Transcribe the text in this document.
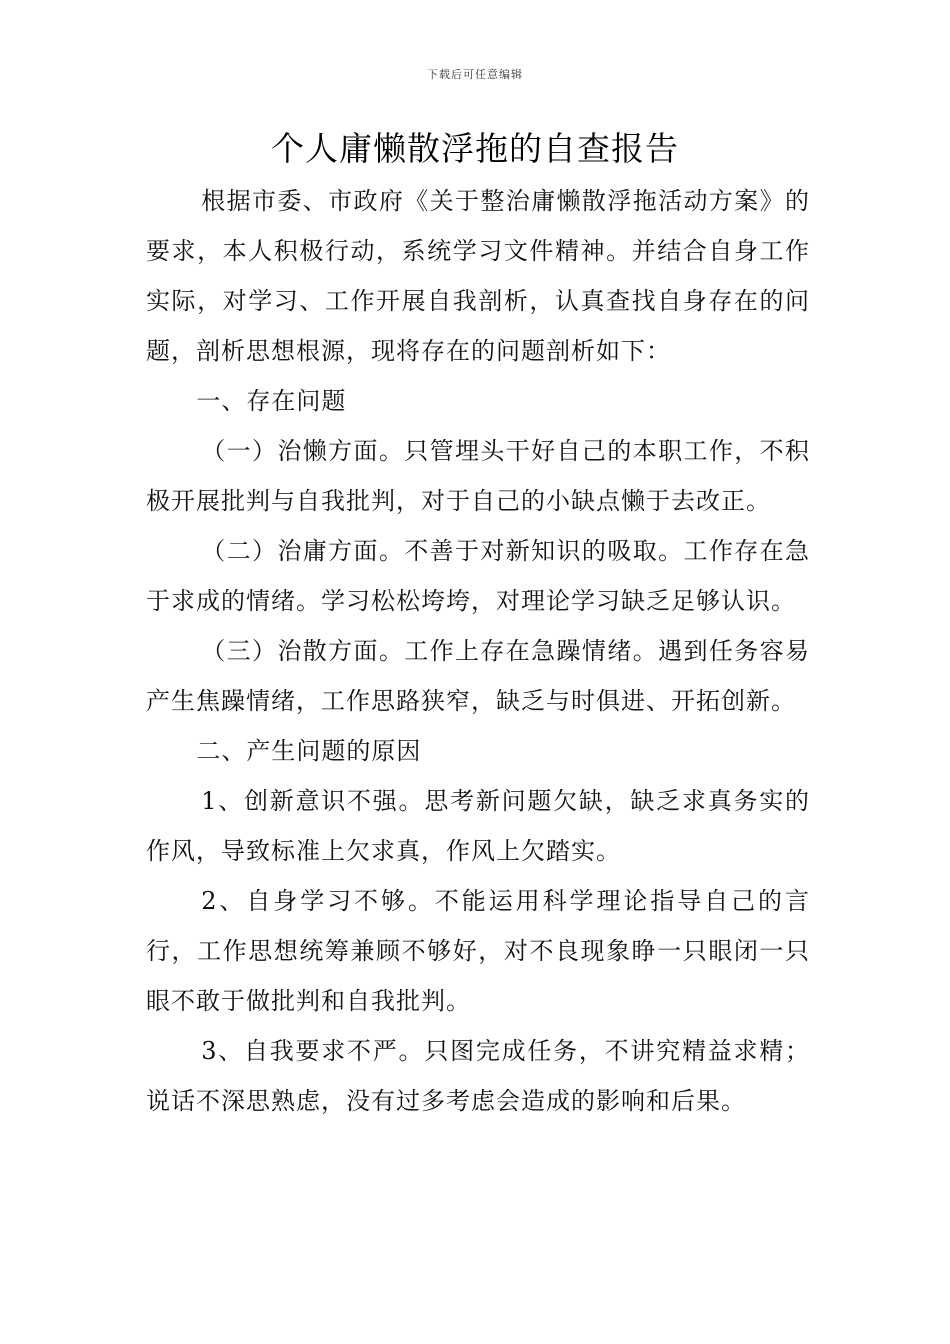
下载后可任意编辑
个人庸懒散浮拖的自查报告

根据市委、市政府《关于整治庸懒散浮拖活动方案》的要求，本人积极行动，系统学习文件精神。并结合自身工作实际，对学习、工作开展自我剖析，认真查找自身存在的问题，剖析思想根源，现将存在的问题剖析如下：

一、存在问题

（一）治懒方面。只管埋头干好自己的本职工作，不积极开展批判与自我批判，对于自己的小缺点懒于去改正。

（二）治庸方面。不善于对新知识的吸取。工作存在急于求成的情绪。学习松松垮垮，对理论学习缺乏足够认识。

（三）治散方面。工作上存在急躁情绪。遇到任务容易产生焦躁情绪，工作思路狭窄，缺乏与时俱进、开拓创新。

二、产生问题的原因

1、创新意识不强。思考新问题欠缺，缺乏求真务实的作风，导致标准上欠求真，作风上欠踏实。

2、自身学习不够。不能运用科学理论指导自己的言行，工作思想统筹兼顾不够好，对不良现象睁一只眼闭一只眼不敢于做批判和自我批判。

3、自我要求不严。只图完成任务，不讲究精益求精；说话不深思熟虑，没有过多考虑会造成的影响和后果。
